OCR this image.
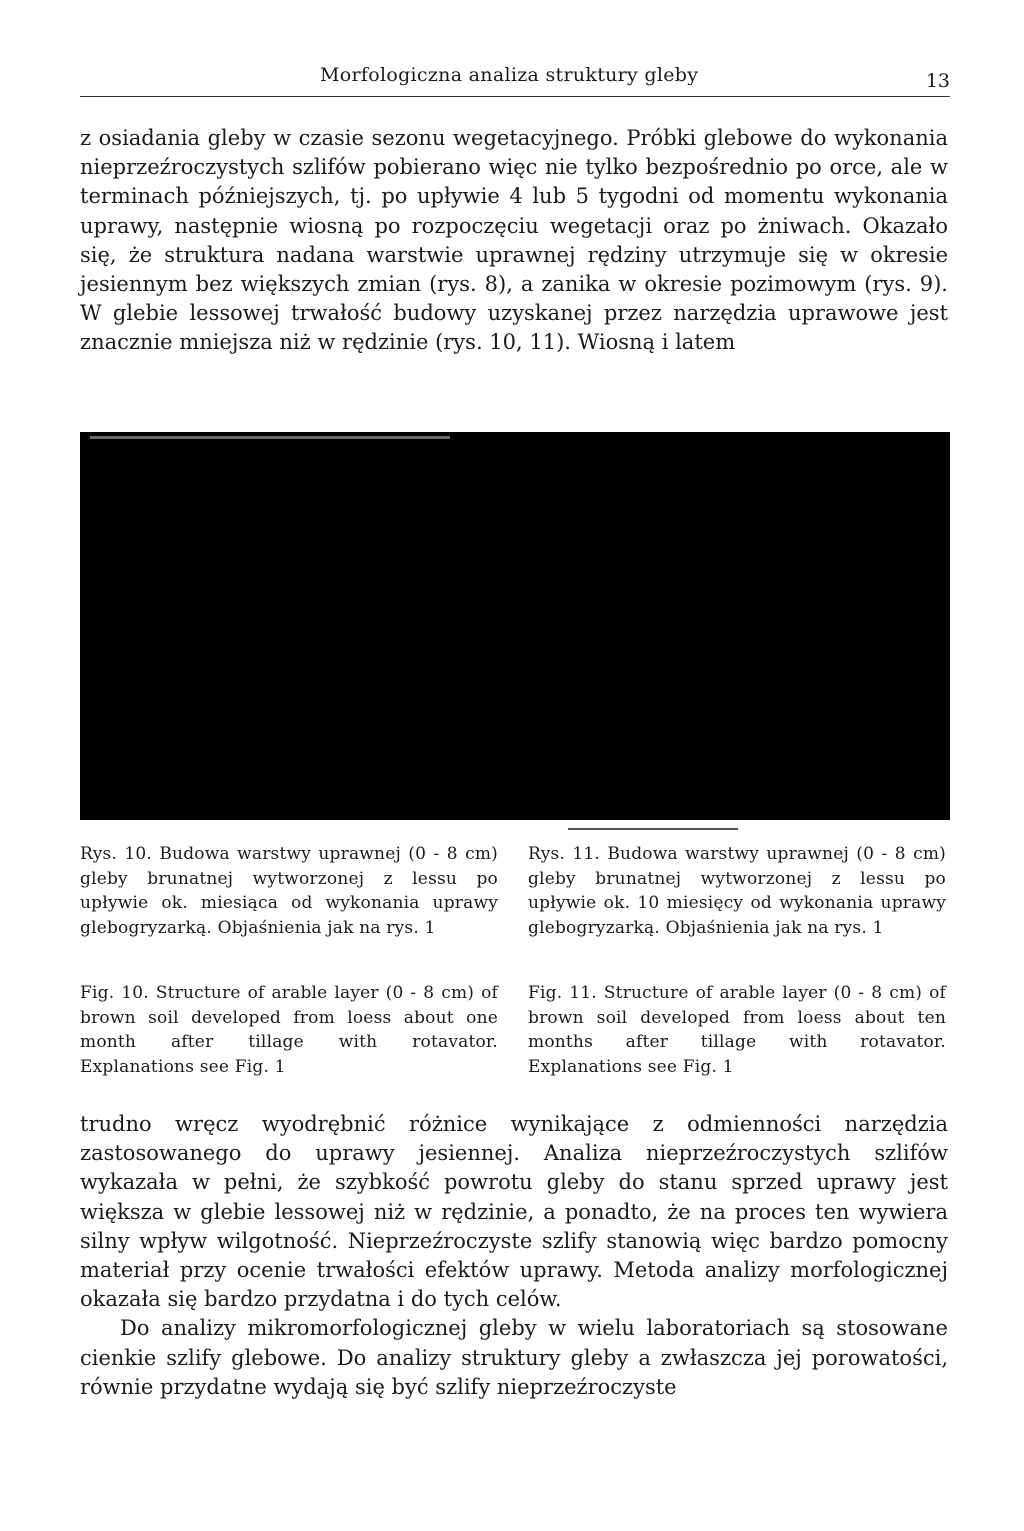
Morfologiczna analiza struktury gleby	13

z osiadania gleby w czasie sezonu wegetacyjnego. Próbki glebowe do wykonania nieprzeźroczystych szlifów pobierano więc nie tylko bezpośrednio po orce, ale w terminach późniejszych, tj. po upływie 4 lub 5 tygodni od momentu wykonania uprawy, następnie wiosną po rozpoczęciu wegetacji oraz po żniwach. Okazało się, że struktura nadana warstwie uprawnej rędziny utrzymuje się w okresie jesiennym bez większych zmian (rys. 8), a zanika w okresie pozimowym (rys. 9). W glebie lessowej trwałość budowy uzyskanej przez narzędzia uprawowe jest znacznie mniejsza niż w rędzinie (rys. 10, 11). Wiosną i latem

Rys. 10. Budowa warstwy uprawnej (0 - 8 cm) gleby brunatnej wytworzonej z lessu po upływie ok. miesiąca od wykonania uprawy glebogryzarką. Objaśnienia jak na rys. 1

Fig. 10. Structure of arable layer (0 - 8 cm) of brown soil developed from loess about one month after tillage with rotavator. Explanations see Fig. 1

Rys. 11. Budowa warstwy uprawnej (0 - 8 cm) gleby brunatnej wytworzonej z lessu po upływie ok. 10 miesięcy od wykonania uprawy glebogryzarką. Objaśnienia jak na rys. 1

Fig. 11. Structure of arable layer (0 - 8 cm) of brown soil developed from loess about ten months after tillage with rotavator. Explanations see Fig. 1

trudno wręcz wyodrębnić różnice wynikające z odmienności narzędzia zastosowanego do uprawy jesiennej. Analiza nieprzeźroczystych szlifów wykazała w pełni, że szybkość powrotu gleby do stanu sprzed uprawy jest większa w glebie lessowej niż w rędzinie, a ponadto, że na proces ten wywiera silny wpływ wilgotność. Nieprzeźroczyste szlify stanowią więc bardzo pomocny materiał przy ocenie trwałości efektów uprawy. Metoda analizy morfologicznej okazała się bardzo przydatna i do tych celów.

Do analizy mikromorfologicznej gleby w wielu laboratoriach są stosowane cienkie szlify glebowe. Do analizy struktury gleby a zwłaszcza jej porowatości, równie przydatne wydają się być szlify nieprzeźroczyste
